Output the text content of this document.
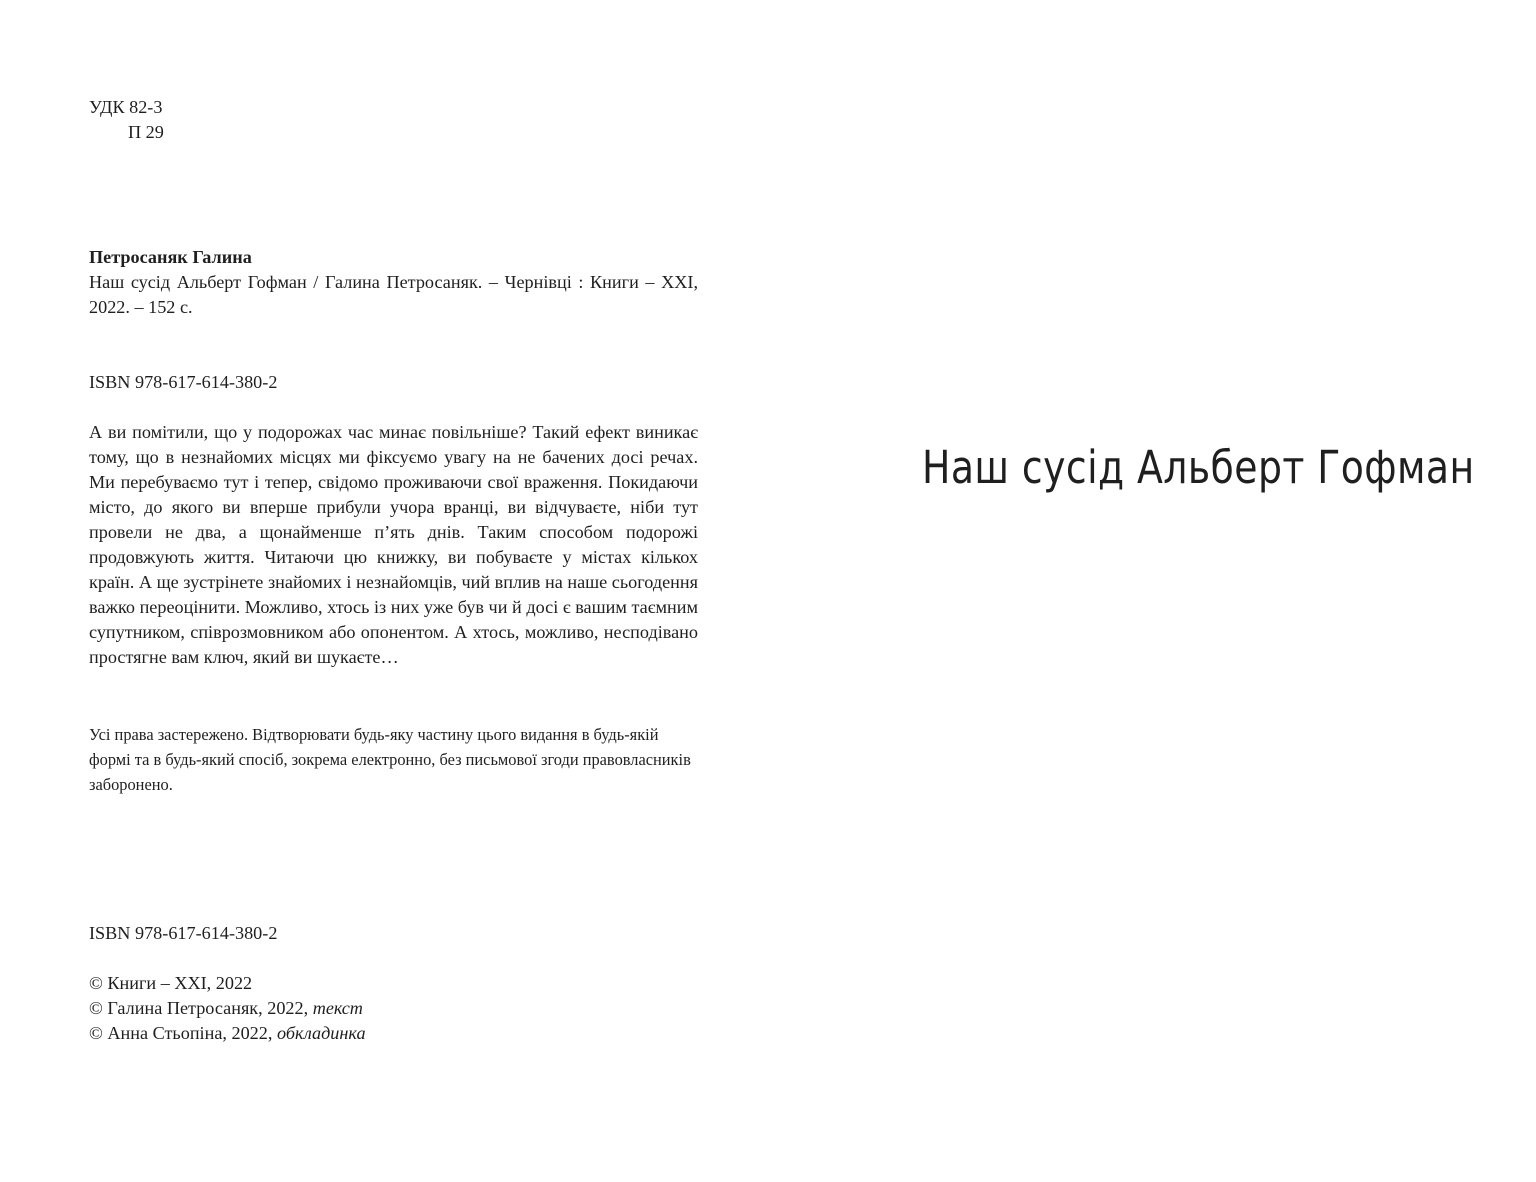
УДК 82-3
П 29
Петросаняк Галина
Наш сусід Альберт Гофман / Галина Петросаняк. – Чернівці : Книги – XXI, 2022. – 152 с.
ISBN 978-617-614-380-2
А ви помітили, що у подорожах час минає повільніше? Такий ефект виникає тому, що в незнайомих місцях ми фіксуємо увагу на не бачених досі речах. Ми перебуваємо тут і тепер, свідомо проживаючи свої враження. Покидаючи місто, до якого ви вперше прибули учора вранці, ви відчуваєте, ніби тут провели не два, а щонайменше п’ять днів. Таким способом подорожі продовжують життя. Читаючи цю книжку, ви побуваєте у містах кількох країн. А ще зустрінете знайомих і незнайомців, чий вплив на наше сьогодення важко переоцінити. Можливо, хтось із них уже був чи й досі є вашим таємним супутником, співрозмовником або опонентом. А хтось, можливо, несподівано простягне вам ключ, який ви шукаєте…
Усі права застережено. Відтворювати будь-яку частину цього видання в будь-якій формі та в будь-який спосіб, зокрема електронно, без письмової згоди правовласників заборонено.
ISBN 978-617-614-380-2
© Книги – XXI, 2022
© Галина Петросаняк, 2022, текст
© Анна Стьопіна, 2022, обкладинка
Наш сусід Альберт Гофман
